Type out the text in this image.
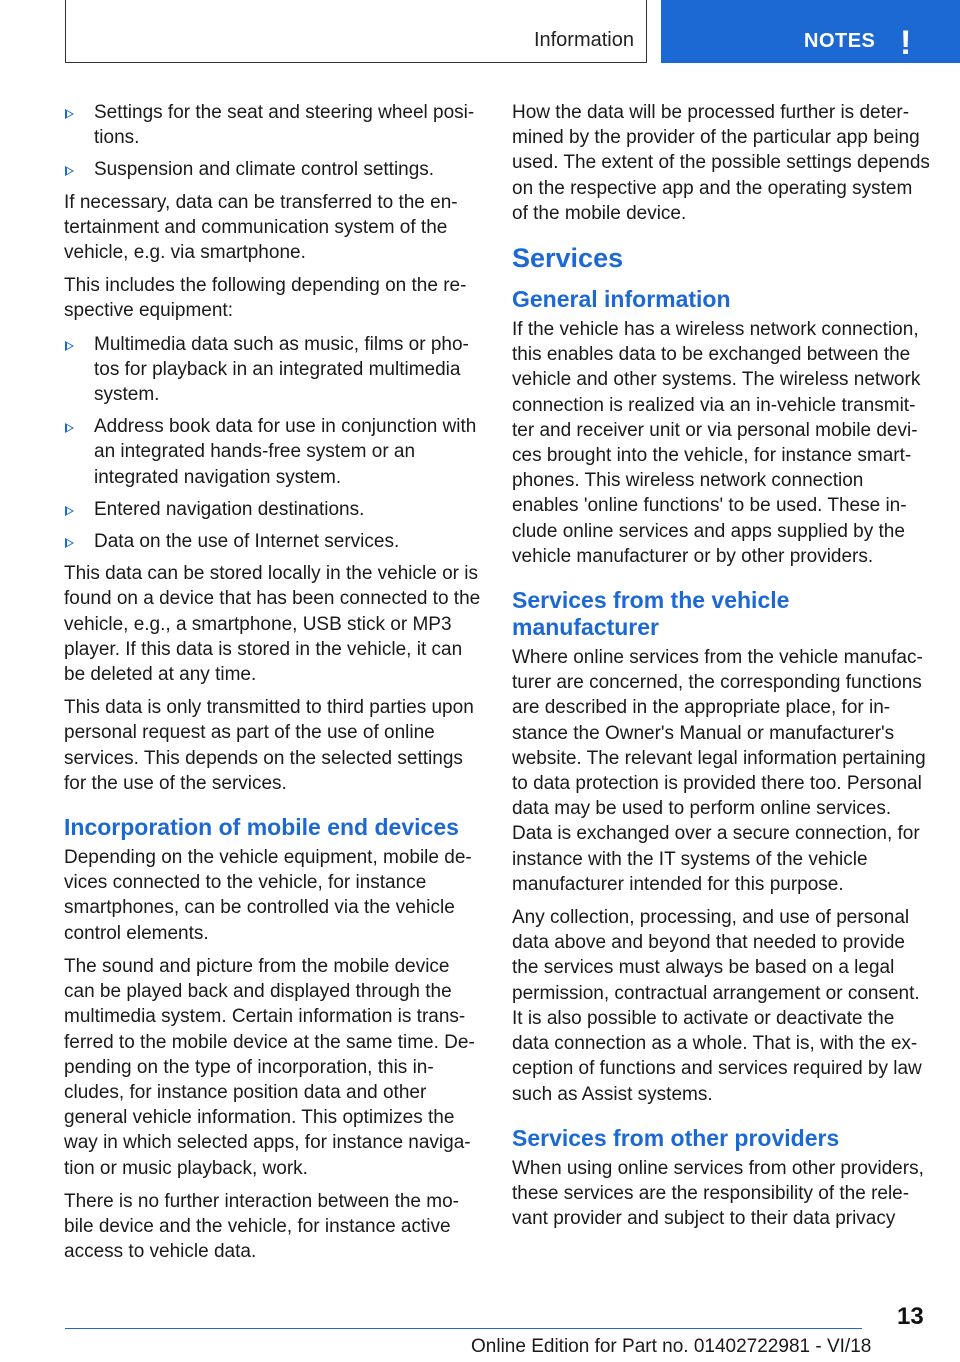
Information	NOTES !
Settings for the seat and steering wheel positions.
Suspension and climate control settings.

If necessary, data can be transferred to the entertainment and communication system of the vehicle, e.g. via smartphone.

This includes the following depending on the respective equipment:

Multimedia data such as music, films or photos for playback in an integrated multimedia system.
Address book data for use in conjunction with an integrated hands-free system or an integrated navigation system.
Entered navigation destinations.
Data on the use of Internet services.

This data can be stored locally in the vehicle or is found on a device that has been connected to the vehicle, e.g., a smartphone, USB stick or MP3 player. If this data is stored in the vehicle, it can be deleted at any time.

This data is only transmitted to third parties upon personal request as part of the use of online services. This depends on the selected settings for the use of the services.

Incorporation of mobile end devices

Depending on the vehicle equipment, mobile devices connected to the vehicle, for instance smartphones, can be controlled via the vehicle control elements.

The sound and picture from the mobile device can be played back and displayed through the multimedia system. Certain information is transferred to the mobile device at the same time. Depending on the type of incorporation, this includes, for instance position data and other general vehicle information. This optimizes the way in which selected apps, for instance navigation or music playback, work.

There is no further interaction between the mobile device and the vehicle, for instance active access to vehicle data.

How the data will be processed further is determined by the provider of the particular app being used. The extent of the possible settings depends on the respective app and the operating system of the mobile device.

Services
General information

If the vehicle has a wireless network connection, this enables data to be exchanged between the vehicle and other systems. The wireless network connection is realized via an in-vehicle transmitter and receiver unit or via personal mobile devices brought into the vehicle, for instance smartphones. This wireless network connection enables 'online functions' to be used. These include online services and apps supplied by the vehicle manufacturer or by other providers.

Services from the vehicle manufacturer

Where online services from the vehicle manufacturer are concerned, the corresponding functions are described in the appropriate place, for instance the Owner's Manual or manufacturer's website. The relevant legal information pertaining to data protection is provided there too. Personal data may be used to perform online services. Data is exchanged over a secure connection, for instance with the IT systems of the vehicle manufacturer intended for this purpose.

Any collection, processing, and use of personal data above and beyond that needed to provide the services must always be based on a legal permission, contractual arrangement or consent. It is also possible to activate or deactivate the data connection as a whole. That is, with the exception of functions and services required by law such as Assist systems.

Services from other providers

When using online services from other providers, these services are the responsibility of the relevant provider and subject to their data privacy

13
Online Edition for Part no. 01402722981 - VI/18
